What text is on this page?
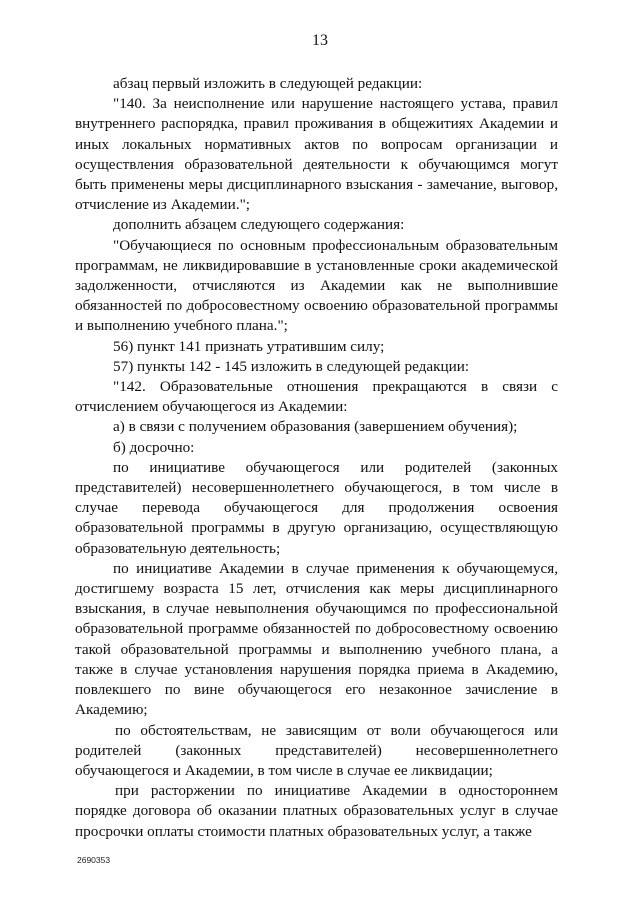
13

абзац первый изложить в следующей редакции:

"140. За неисполнение или нарушение настоящего устава, правил внутреннего распорядка, правил проживания в общежитиях Академии и иных локальных нормативных актов по вопросам организации и осуществления образовательной деятельности к обучающимся могут быть применены меры дисциплинарного взыскания - замечание, выговор, отчисление из Академии.";

дополнить абзацем следующего содержания:

"Обучающиеся по основным профессиональным образовательным программам, не ликвидировавшие в установленные сроки академической задолженности, отчисляются из Академии как не выполнившие обязанностей по добросовестному освоению образовательной программы и выполнению учебного плана.";

56) пункт 141 признать утратившим силу;

57) пункты 142 - 145 изложить в следующей редакции:

"142. Образовательные отношения прекращаются в связи с отчислением обучающегося из Академии:

а) в связи с получением образования (завершением обучения);

б) досрочно:

по инициативе обучающегося или родителей (законных представителей) несовершеннолетнего обучающегося, в том числе в случае перевода обучающегося для продолжения освоения образовательной программы в другую организацию, осуществляющую образовательную деятельность;

по инициативе Академии в случае применения к обучающемуся, достигшему возраста 15 лет, отчисления как меры дисциплинарного взыскания, в случае невыполнения обучающимся по профессиональной образовательной программе обязанностей по добросовестному освоению такой образовательной программы и выполнению учебного плана, а также в случае установления нарушения порядка приема в Академию, повлекшего по вине обучающегося его незаконное зачисление в Академию;

по обстоятельствам, не зависящим от воли обучающегося или родителей (законных представителей) несовершеннолетнего обучающегося и Академии, в том числе в случае ее ликвидации;

при расторжении по инициативе Академии в одностороннем порядке договора об оказании платных образовательных услуг в случае просрочки оплаты стоимости платных образовательных услуг, а также

2690353
